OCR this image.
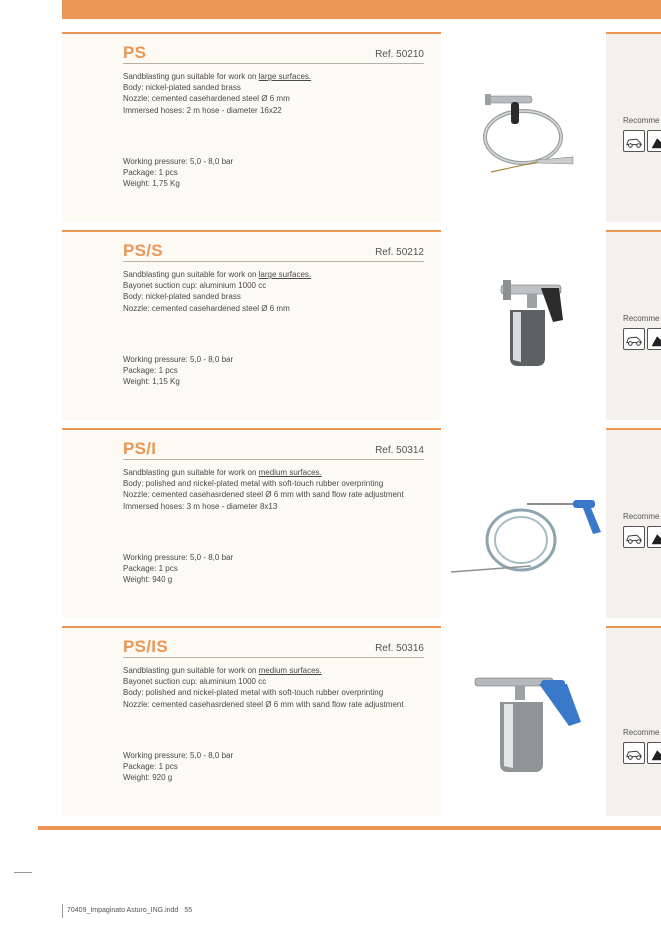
PS	Ref. 50210
Sandblasting gun suitable for work on large surfaces.
Body: nickel-plated sanded brass
Nozzle: cemented casehardened steel Ø 6 mm
Immersed hoses: 2 m hose - diameter 16x22
Working pressure: 5,0 - 8,0 bar
Package: 1 pcs
Weight: 1,75 Kg
Recomme
PS/S	Ref. 50212
Sandblasting gun suitable for work on large surfaces.
Bayonet suction cup: aluminium 1000 cc
Body: nickel-plated sanded brass
Nozzle: cemented casehardened steel Ø 6 mm
Working pressure: 5,0 - 8,0 bar
Package: 1 pcs
Weight: 1,15 Kg
Recomme
PS/I	Ref. 50314
Sandblasting gun suitable for work on medium surfaces.
Body: polished and nickel-plated metal with soft-touch rubber overprinting
Nozzle: cemented casehasrdened steel Ø 6 mm with sand flow rate adjustment
Immersed hoses: 3 m hose - diameter 8x13
Working pressure: 5,0 - 8,0 bar
Package: 1 pcs
Weight: 940 g
Recomme
PS/IS	Ref. 50316
Sandblasting gun suitable for work on medium surfaces.
Bayonet suction cup: aluminium 1000 cc
Body: polished and nickel-plated metal with soft-touch rubber overprinting
Nozzle: cemented casehasrdened steel Ø 6 mm with sand flow rate adjustment
Working pressure: 5,0 - 8,0 bar
Package: 1 pcs
Weight: 920 g
Recomme
70409_Impaginato Asturo_ING.indd 55
